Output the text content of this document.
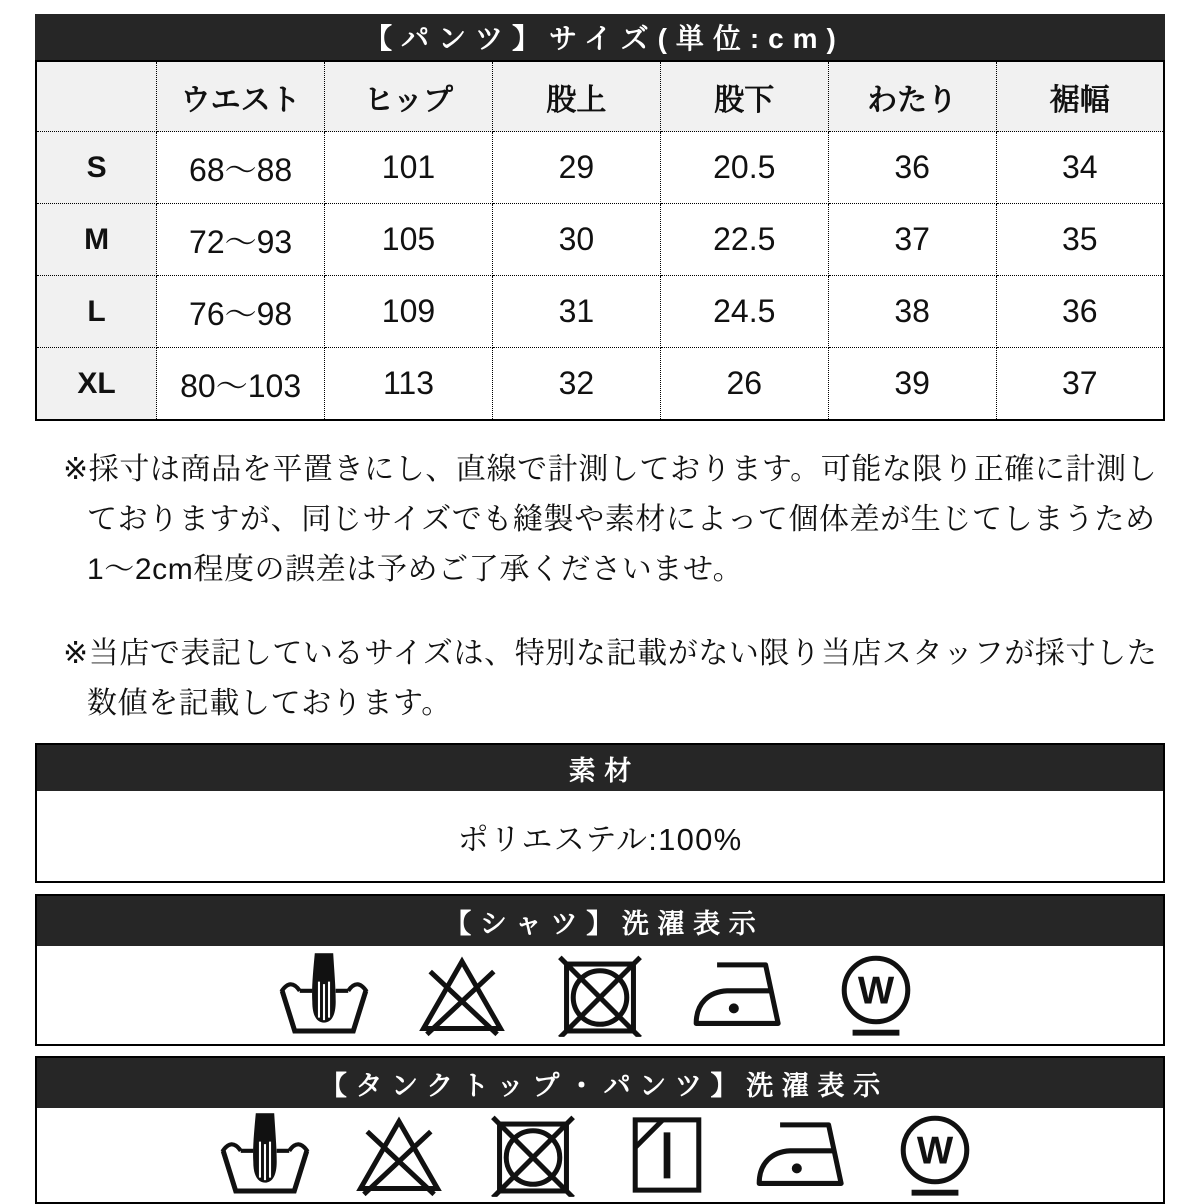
【パンツ】サイズ(単位:cm)
	ウエスト	ヒップ	股上	股下	わたり	裾幅
S	68〜88	101	29	20.5	36	34
M	72〜93	105	30	22.5	37	35
L	76〜98	109	31	24.5	38	36
XL	80〜103	113	32	26	39	37
※採寸は商品を平置きにし、直線で計測しております。可能な限り正確に計測し
ておりますが、同じサイズでも縫製や素材によって個体差が生じてしまうため
1〜2cm程度の誤差は予めご了承くださいませ。
※当店で表記しているサイズは、特別な記載がない限り当店スタッフが採寸した
数値を記載しております。
素材
ポリエステル:100%
【シャツ】洗濯表示
【タンクトップ・パンツ】洗濯表示
